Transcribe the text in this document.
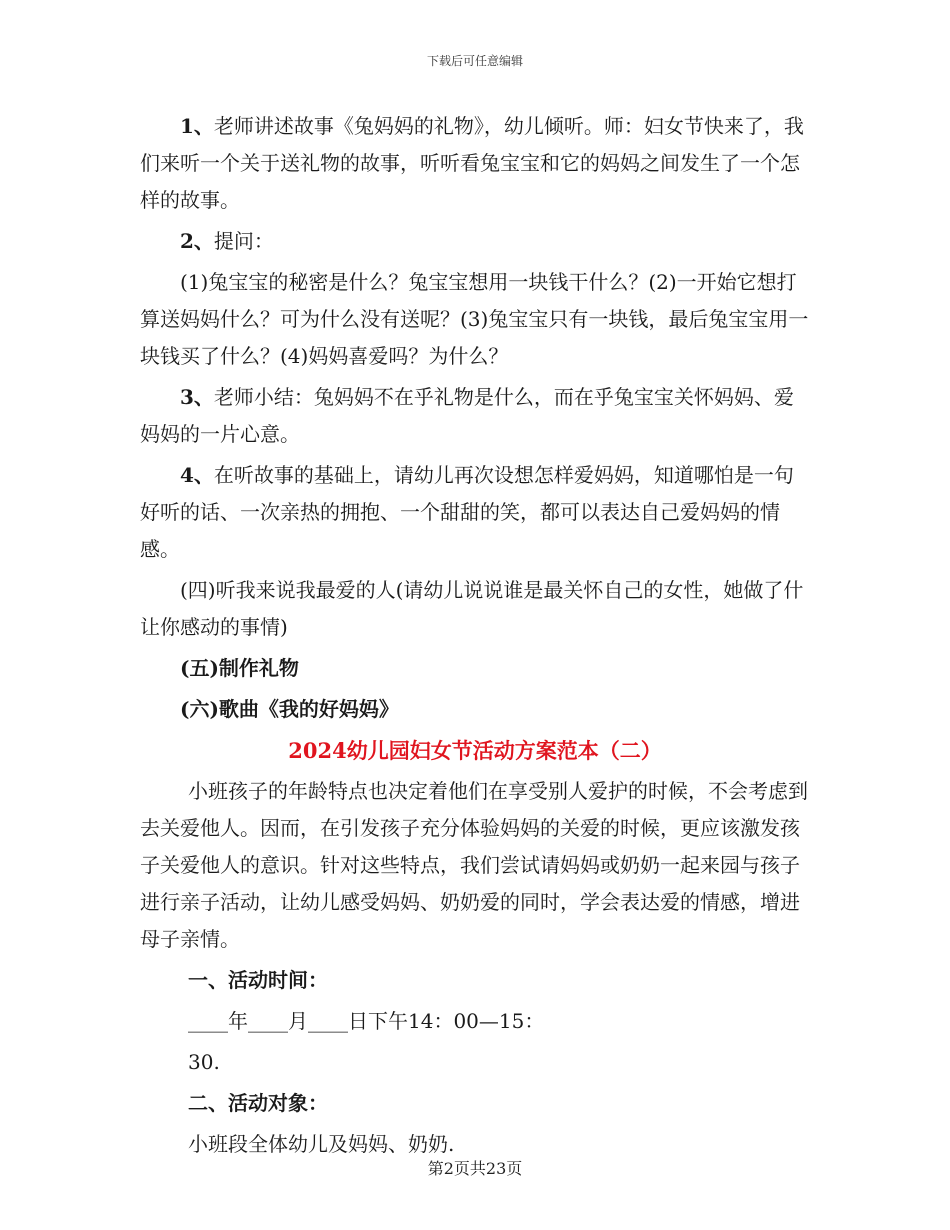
下载后可任意编辑

1、老师讲述故事《兔妈妈的礼物》，幼儿倾听。师：妇女节快来了，我们来听一个关于送礼物的故事，听听看兔宝宝和它的妈妈之间发生了一个怎样的故事。

2、提问：

(1)兔宝宝的秘密是什么？兔宝宝想用一块钱干什么？(2)一开始它想打算送妈妈什么？可为什么没有送呢？(3)兔宝宝只有一块钱，最后兔宝宝用一块钱买了什么？(4)妈妈喜爱吗？为什么？

3、老师小结：兔妈妈不在乎礼物是什么，而在乎兔宝宝关怀妈妈、爱妈妈的一片心意。

4、在听故事的基础上，请幼儿再次设想怎样爱妈妈，知道哪怕是一句好听的话、一次亲热的拥抱、一个甜甜的笑，都可以表达自己爱妈妈的情感。

(四)听我来说我最爱的人(请幼儿说说谁是最关怀自己的女性，她做了什让你感动的事情)

(五)制作礼物

(六)歌曲《我的好妈妈》

2024幼儿园妇女节活动方案范本（二）

小班孩子的年龄特点也决定着他们在享受别人爱护的时候，不会考虑到去关爱他人。因而，在引发孩子充分体验妈妈的关爱的时候，更应该激发孩子关爱他人的意识。针对这些特点，我们尝试请妈妈或奶奶一起来园与孩子进行亲子活动，让幼儿感受妈妈、奶奶爱的同时，学会表达爱的情感，增进母子亲情。

一、活动时间：

____年____月____日下午14：00—15：

30.

二、活动对象：

小班段全体幼儿及妈妈、奶奶.

第2页共23页
